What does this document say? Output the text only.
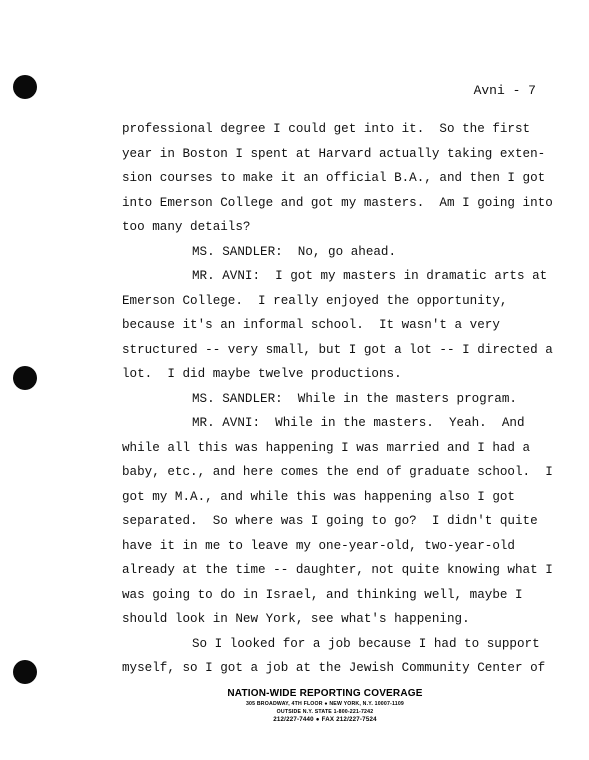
Avni - 7
professional degree I could get into it.  So the first
year in Boston I spent at Harvard actually taking exten-
sion courses to make it an official B.A., and then I got
into Emerson College and got my masters.  Am I going into
too many details?
MS. SANDLER:  No, go ahead.
MR. AVNI:  I got my masters in dramatic arts at
Emerson College.  I really enjoyed the opportunity,
because it's an informal school.  It wasn't a very
structured -- very small, but I got a lot -- I directed a
lot.  I did maybe twelve productions.
MS. SANDLER:  While in the masters program.
MR. AVNI:  While in the masters.  Yeah.  And
while all this was happening I was married and I had a
baby, etc., and here comes the end of graduate school.  I
got my M.A., and while this was happening also I got
separated.  So where was I going to go?  I didn't quite
have it in me to leave my one-year-old, two-year-old
already at the time -- daughter, not quite knowing what I
was going to do in Israel, and thinking well, maybe I
should look in New York, see what's happening.
So I looked for a job because I had to support
myself, so I got a job at the Jewish Community Center of
NATION-WIDE REPORTING COVERAGE
305 BROADWAY, 4TH FLOOR ● NEW YORK, N.Y. 10007-1109
OUTSIDE N.Y. STATE 1-800-221-7242
212/227-7440 ● FAX 212/227-7524
